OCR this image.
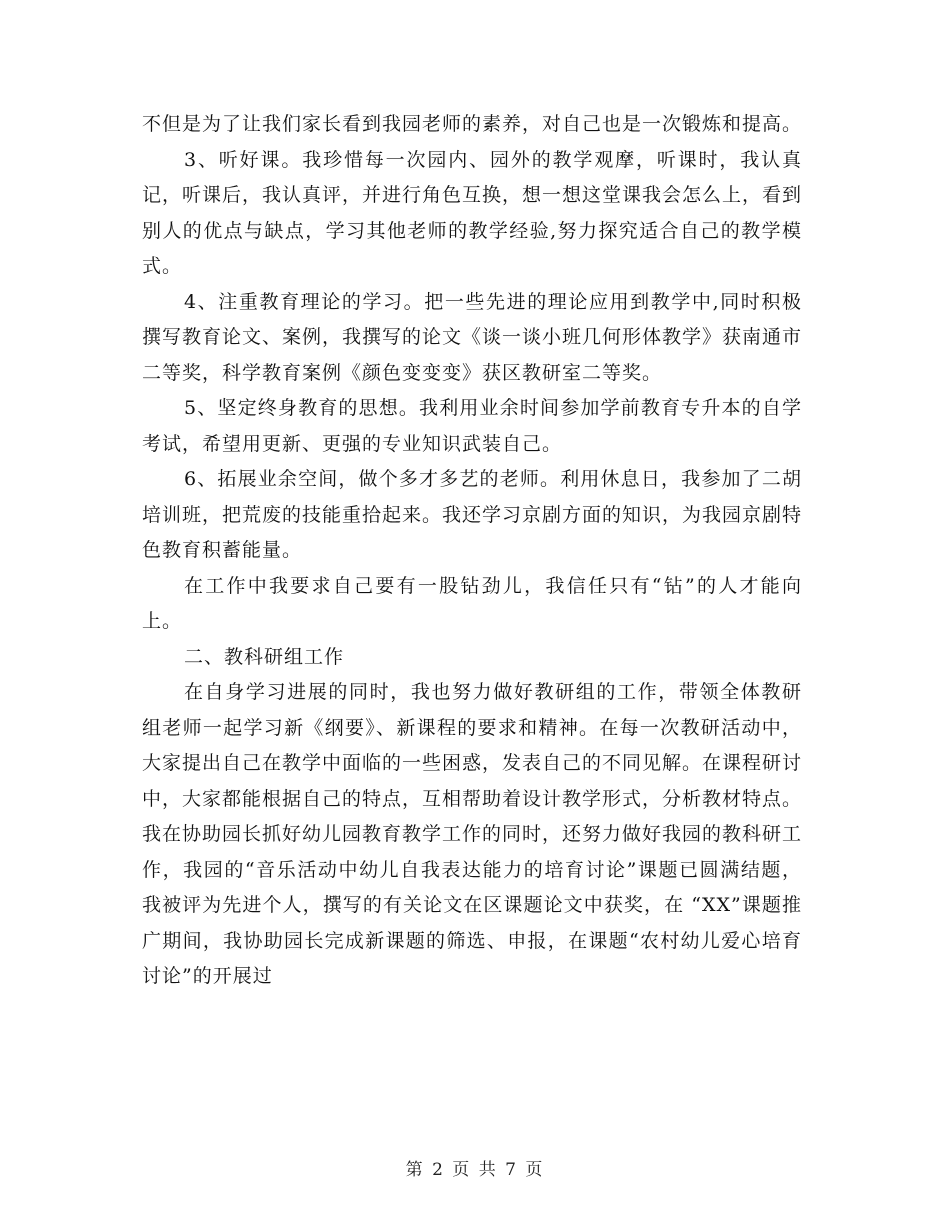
不但是为了让我们家长看到我园老师的素养，对自己也是一次锻炼和提高。

3、听好课。我珍惜每一次园内、园外的教学观摩，听课时，我认真记，听课后，我认真评，并进行角色互换，想一想这堂课我会怎么上，看到别人的优点与缺点，学习其他老师的教学经验,努力探究适合自己的教学模式。

4、注重教育理论的学习。把一些先进的理论应用到教学中,同时积极撰写教育论文、案例，我撰写的论文《谈一谈小班几何形体教学》获南通市二等奖，科学教育案例《颜色变变变》获区教研室二等奖。

5、坚定终身教育的思想。我利用业余时间参加学前教育专升本的自学考试，希望用更新、更强的专业知识武装自己。

6、拓展业余空间，做个多才多艺的老师。利用休息日，我参加了二胡培训班，把荒废的技能重拾起来。我还学习京剧方面的知识，为我园京剧特色教育积蓄能量。

在工作中我要求自己要有一股钻劲儿，我信任只有“钻”的人才能向上。

二、教科研组工作

在自身学习进展的同时，我也努力做好教研组的工作，带领全体教研组老师一起学习新《纲要》、新课程的要求和精神。在每一次教研活动中，大家提出自己在教学中面临的一些困惑，发表自己的不同见解。在课程研讨中，大家都能根据自己的特点，互相帮助着设计教学形式，分析教材特点。我在协助园长抓好幼儿园教育教学工作的同时，还努力做好我园的教科研工作，我园的“音乐活动中幼儿自我表达能力的培育讨论”课题已圆满结题，我被评为先进个人，撰写的有关论文在区课题论文中获奖，在 “XX”课题推广期间，我协助园长完成新课题的筛选、申报，在课题“农村幼儿爱心培育讨论”的开展过

第 2 页 共 7 页
